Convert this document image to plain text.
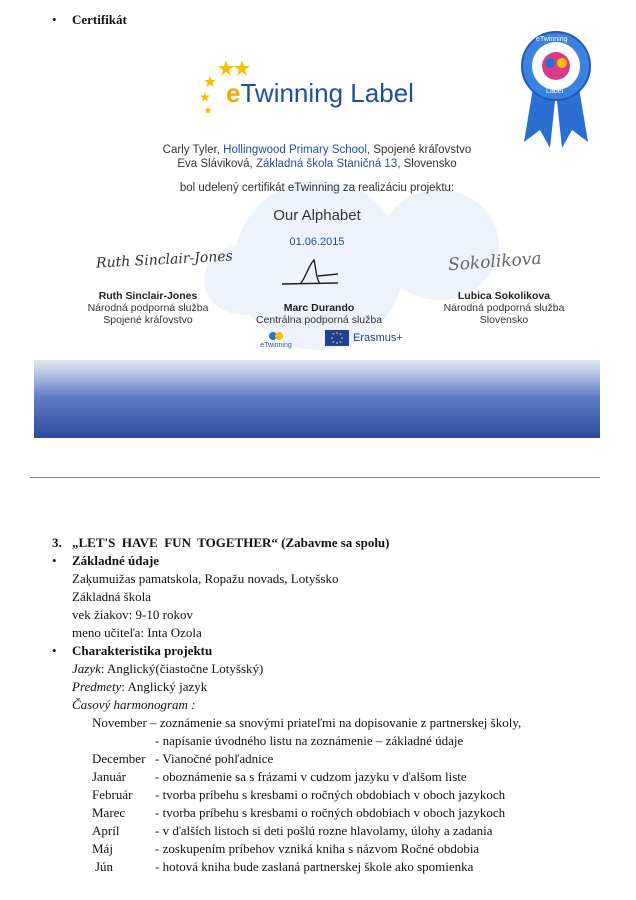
• Certifikát
eTwinning Label
eTwinning
Label
Carly Tyler, Hollingwood Primary School, Spojené kráľovstvo
Eva Sláviková, Základná škola Staničná 13, Slovensko
bol udelený certifikát eTwinning za realizáciu projektu:
Our Alphabet
01.06.2015
Ruth Sinclair-Jones	Sokolikova
Ruth Sinclair-Jones
Národná podporná služba
Spojené kráľovstvo
Marc Durando
Centrálna podporná služba
Lubica Sokolikova
Národná podporná služba
Slovensko
eTwinning
Erasmus+
3. „LET'S  HAVE  FUN  TOGETHER“ (Zabavme sa spolu)
• Základné údaje
Zaķumuižas pamatskola, Ropažu novads, Lotyšsko
Základná škola
vek žiakov: 9-10 rokov
meno učiteľa: Inta Ozola
• Charakteristika projektu
Jazyk: Anglický(čiastočne Lotyšský)
Predmety: Anglický jazyk
Časový harmonogram :
November – zoznámenie sa snovými priateľmi na dopisovanie z partnerskej školy,
- napísanie úvodného listu na zoznámenie – základné údaje
December - Vianočné pohľadnice
Január - oboznámenie sa s frázami v cudzom jazyku v ďalšom liste
Február - tvorba príbehu s kresbami o ročných obdobiach v oboch jazykoch
Marec - tvorba príbehu s kresbami o ročných obdobiach v oboch jazykoch
Apríl	- v ďalších listoch si deti pošlú rozne hlavolamy, úlohy a zadania
Máj	- zoskupením príbehov vzniká kniha s názvom Ročné obdobia
Jún	- hotová kniha bude zaslaná partnerskej škole ako spomienka
